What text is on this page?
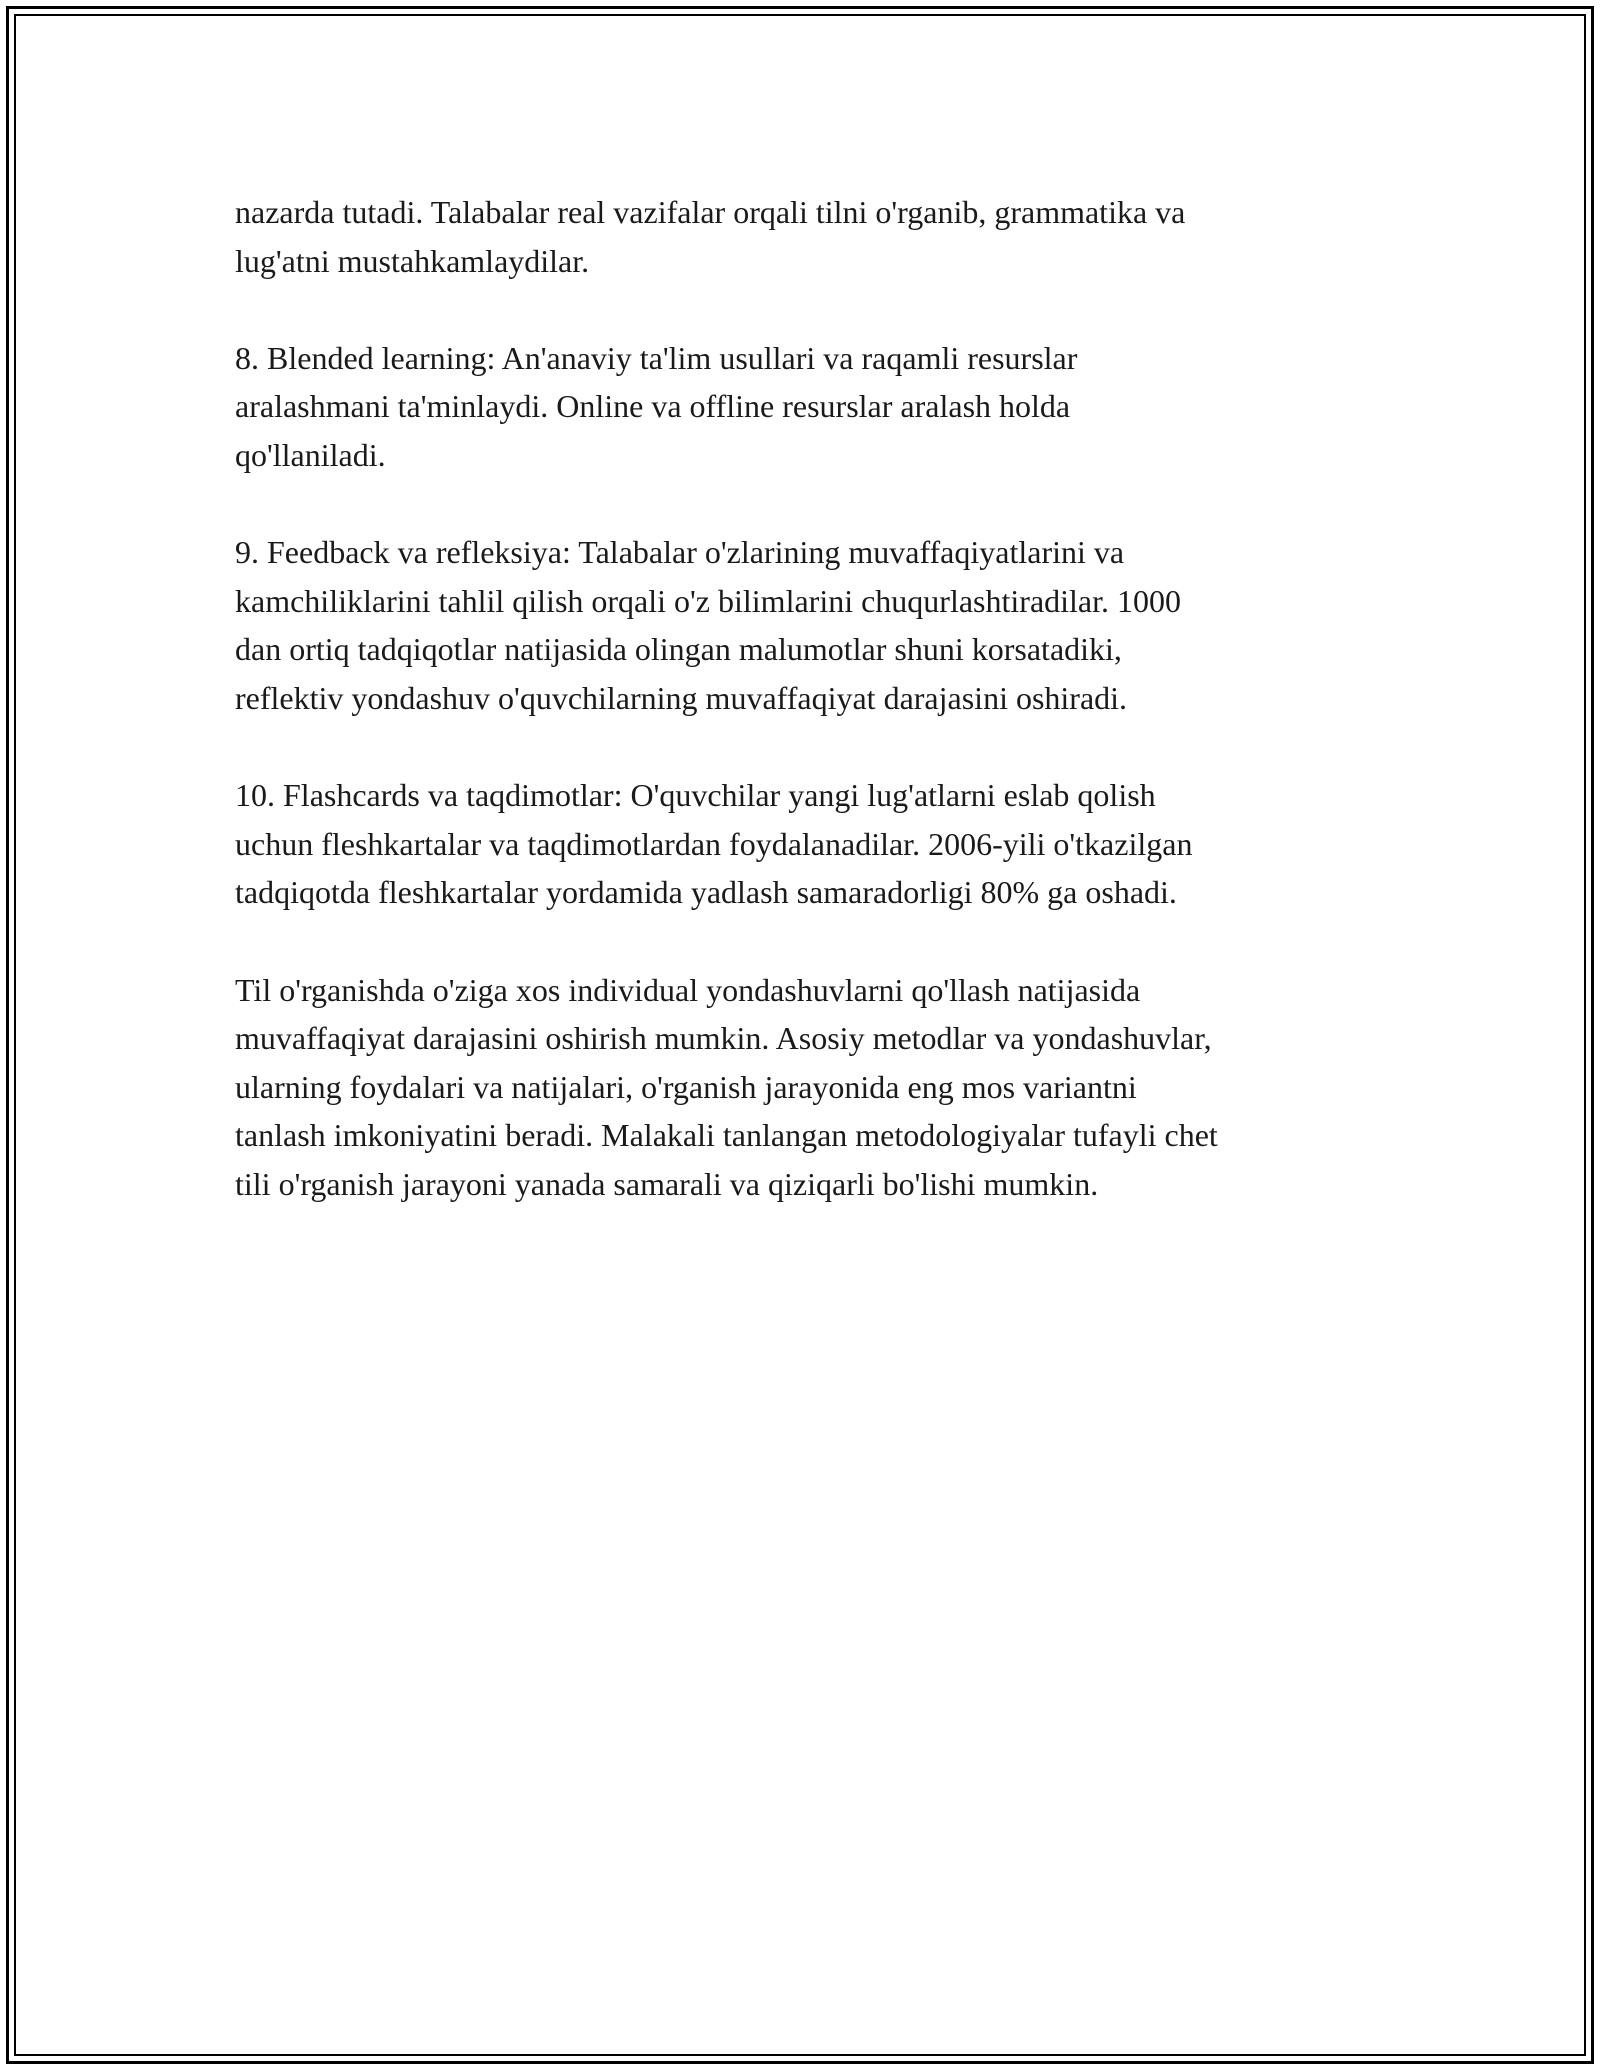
nazarda tutadi. Talabalar real vazifalar orqali tilni o'rganib, grammatika va
lug'atni mustahkamlaydilar.

8. Blended learning: An'anaviy ta'lim usullari va raqamli resurslar
aralashmani ta'minlaydi. Online va offline resurslar aralash holda
qo'llaniladi.

9. Feedback va refleksiya: Talabalar o'zlarining muvaffaqiyatlarini va
kamchiliklarini tahlil qilish orqali o'z bilimlarini chuqurlashtiradilar. 1000
dan ortiq tadqiqotlar natijasida olingan malumotlar shuni korsatadiki,
reflektiv yondashuv o'quvchilarning muvaffaqiyat darajasini oshiradi.

10. Flashcards va taqdimotlar: O'quvchilar yangi lug'atlarni eslab qolish
uchun fleshkartalar va taqdimotlardan foydalanadilar. 2006-yili o'tkazilgan
tadqiqotda fleshkartalar yordamida yadlash samaradorligi 80% ga oshadi.

Til o'rganishda o'ziga xos individual yondashuvlarni qo'llash natijasida
muvaffaqiyat darajasini oshirish mumkin. Asosiy metodlar va yondashuvlar,
ularning foydalari va natijalari, o'rganish jarayonida eng mos variantni
tanlash imkoniyatini beradi. Malakali tanlangan metodologiyalar tufayli chet
tili o'rganish jarayoni yanada samarali va qiziqarli bo'lishi mumkin.
